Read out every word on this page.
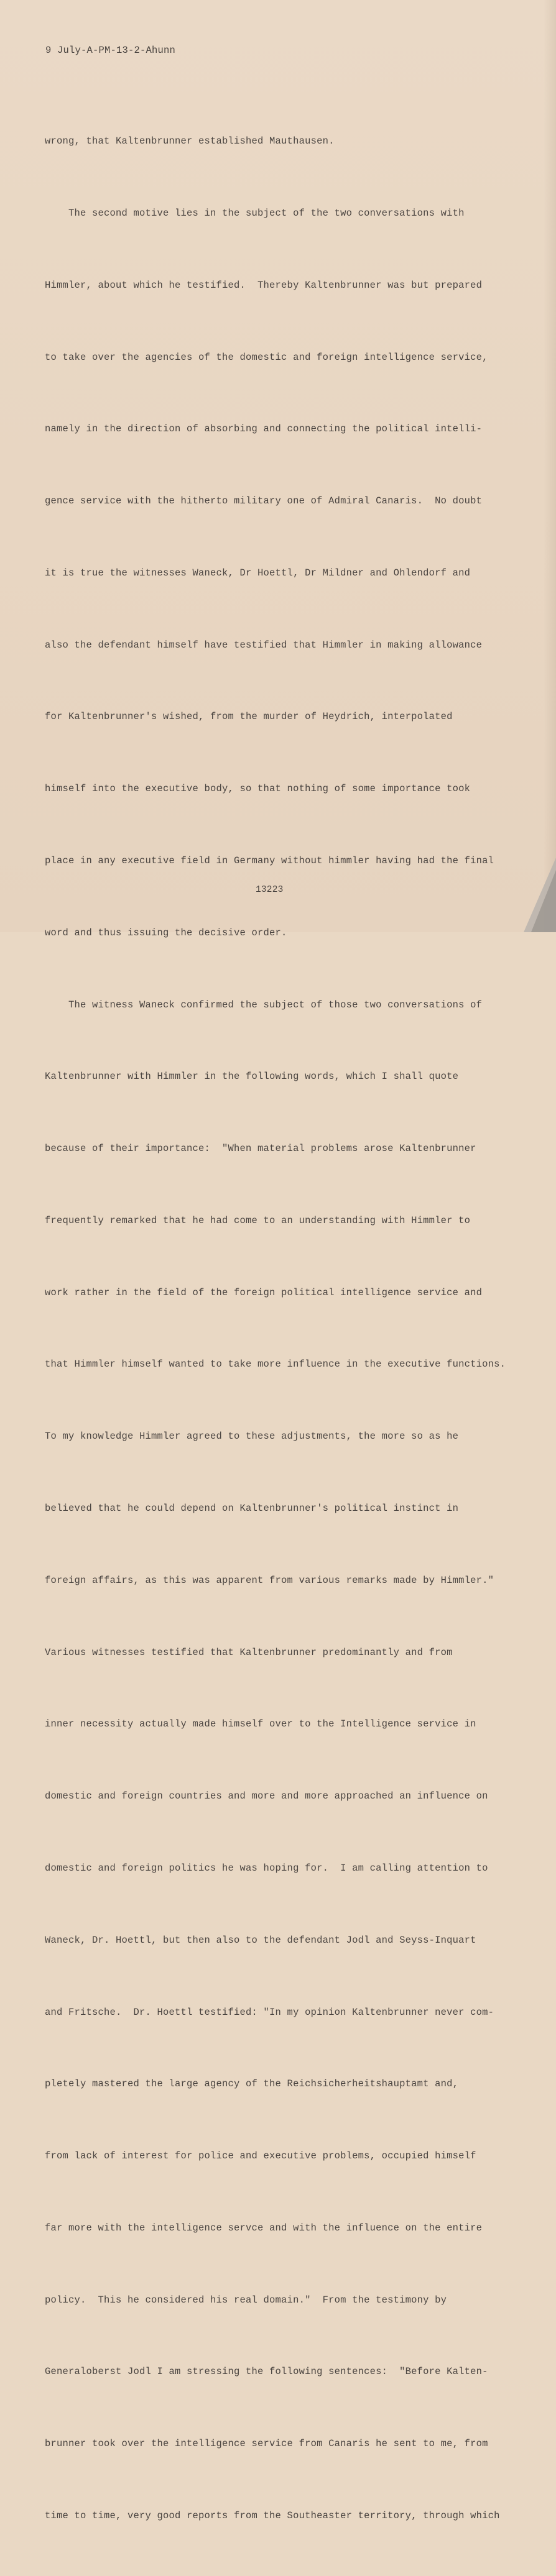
9 July-A-PM-13-2-Ahunn

wrong, that Kaltenbrunner established Mauthausen.

The second motive lies in the subject of the two conversations with

Himmler, about which he testified.  Thereby Kaltenbrunner was but prepared

to take over the agencies of the domestic and foreign intelligence service,

namely in the direction of absorbing and connecting the political intelli-

gence service with the hitherto military one of Admiral Canaris.  No doubt

it is true the witnesses Waneck, Dr Hoettl, Dr Mildner and Ohlendorf and

also the defendant himself have testified that Himmler in making allowance

for Kaltenbrunner's wished, from the murder of Heydrich, interpolated

himself into the executive body, so that nothing of some importance took

place in any executive field in Germany without himmler having had the final

word and thus issuing the decisive order.

The witness Waneck confirmed the subject of those two conversations of

Kaltenbrunner with Himmler in the following words, which I shall quote

because of their importance:  "When material problems arose Kaltenbrunner

frequently remarked that he had come to an understanding with Himmler to

work rather in the field of the foreign political intelligence service and

that Himmler himself wanted to take more influence in the executive functions.

To my knowledge Himmler agreed to these adjustments, the more so as he

believed that he could depend on Kaltenbrunner's political instinct in

foreign affairs, as this was apparent from various remarks made by Himmler."

Various witnesses testified that Kaltenbrunner predominantly and from

inner necessity actually made himself over to the Intelligence service in

domestic and foreign countries and more and more approached an influence on

domestic and foreign politics he was hoping for.  I am calling attention to

Waneck, Dr. Hoettl, but then also to the defendant Jodl and Seyss-Inquart

and Fritsche.  Dr. Hoettl testified: "In my opinion Kaltenbrunner never com-

pletely mastered the large agency of the Reichsicherheitshauptamt and,

from lack of interest for police and executive problems, occupied himself

far more with the intelligence servce and with the influence on the entire

policy.  This he considered his real domain."  From the testimony by

Generaloberst Jodl I am stressing the following sentences:  "Before Kalten-

brunner took over the intelligence service from Canaris he sent to me, from

time to time, very good reports from the Southeaster territory, through which

13223
